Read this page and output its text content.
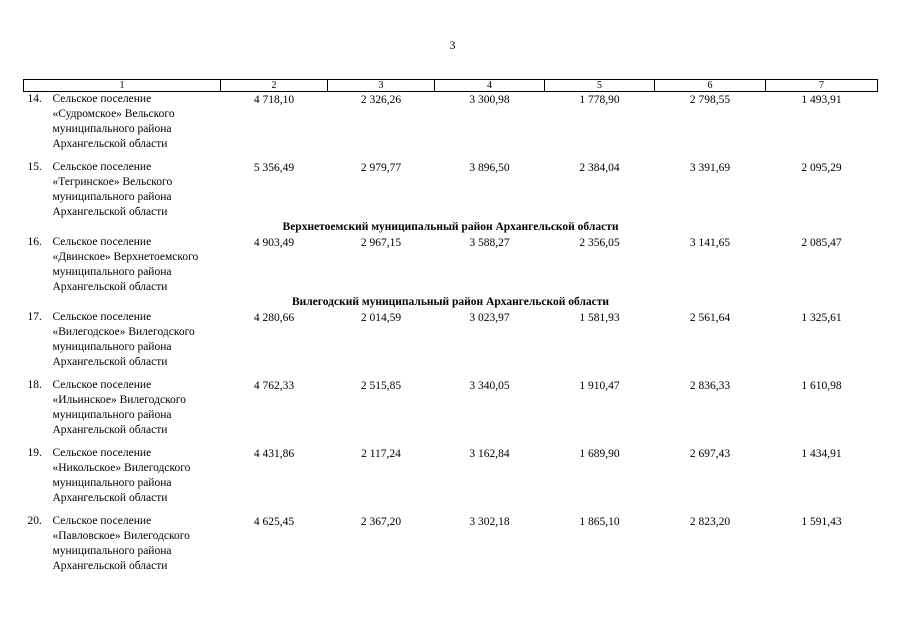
3
1	2	3	4	5	6	7

14. Сельское поселение
«Судромское» Вельского
муниципального района
Архангельской области	4 718,10	2 326,26	3 300,98	1 778,90	2 798,55	1 493,91

15. Сельское поселение
«Тегринское» Вельского
муниципального района
Архангельской области	5 356,49	2 979,77	3 896,50	2 384,04	3 391,69	2 095,29
Верхнетоемский муниципальный район Архангельской области						

16. Сельское поселение
«Двинское» Верхнетоемского
муниципального района
Архангельской области	4 903,49	2 967,15	3 588,27	2 356,05	3 141,65	2 085,47
Вилегодский муниципальный район Архангельской области						

17. Сельское поселение
«Вилегодское» Вилегодского
муниципального района
Архангельской области	4 280,66	2 014,59	3 023,97	1 581,93	2 561,64	1 325,61

18. Сельское поселение
«Ильинское» Вилегодского
муниципального района
Архангельской области	4 762,33	2 515,85	3 340,05	1 910,47	2 836,33	1 610,98

19. Сельское поселение
«Никольское» Вилегодского
муниципального района
Архангельской области	4 431,86	2 117,24	3 162,84	1 689,90	2 697,43	1 434,91

20. Сельское поселение
«Павловское» Вилегодского
муниципального района
Архангельской области	4 625,45	2 367,20	3 302,18	1 865,10	2 823,20	1 591,43
